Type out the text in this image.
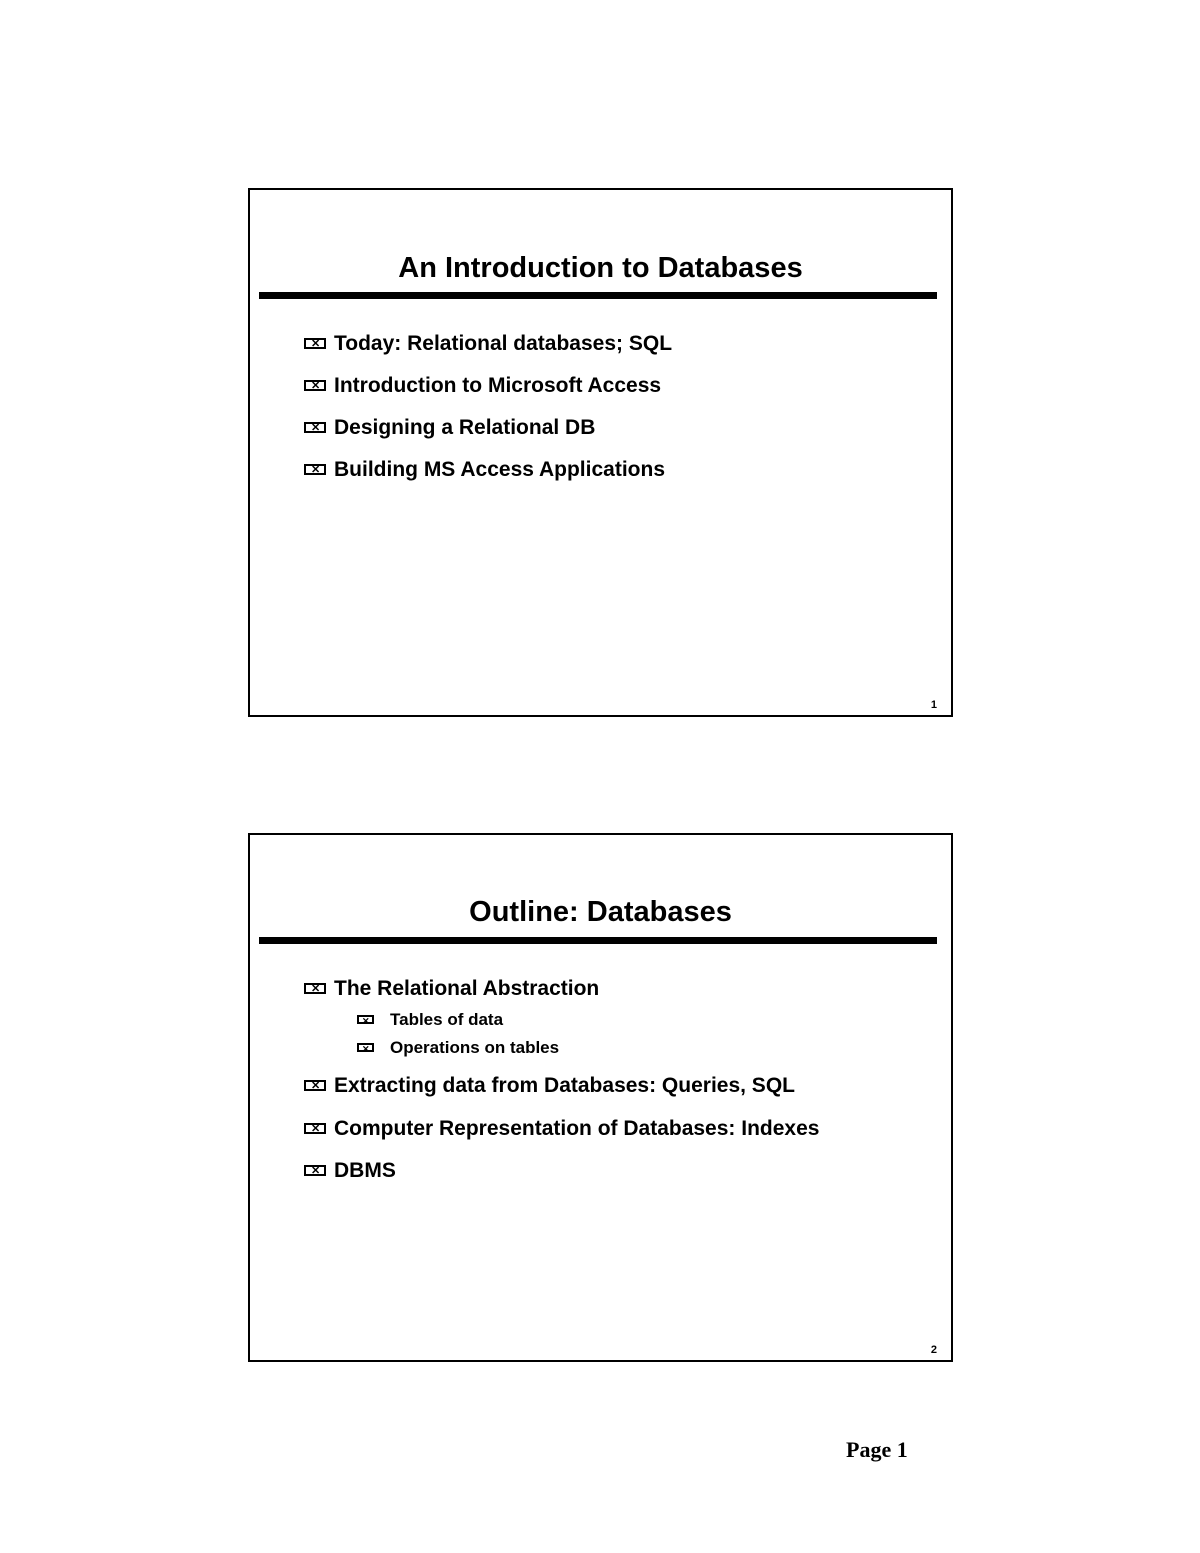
An Introduction to Databases
✕Today: Relational databases; SQL
✕Introduction to Microsoft Access
✕Designing a Relational DB
✕Building MS Access Applications
1
Outline: Databases
✕The Relational Abstraction
✕Tables of data
✕Operations on tables
✕Extracting data from Databases: Queries, SQL
✕Computer Representation of Databases: Indexes
✕DBMS
2
Page 1
